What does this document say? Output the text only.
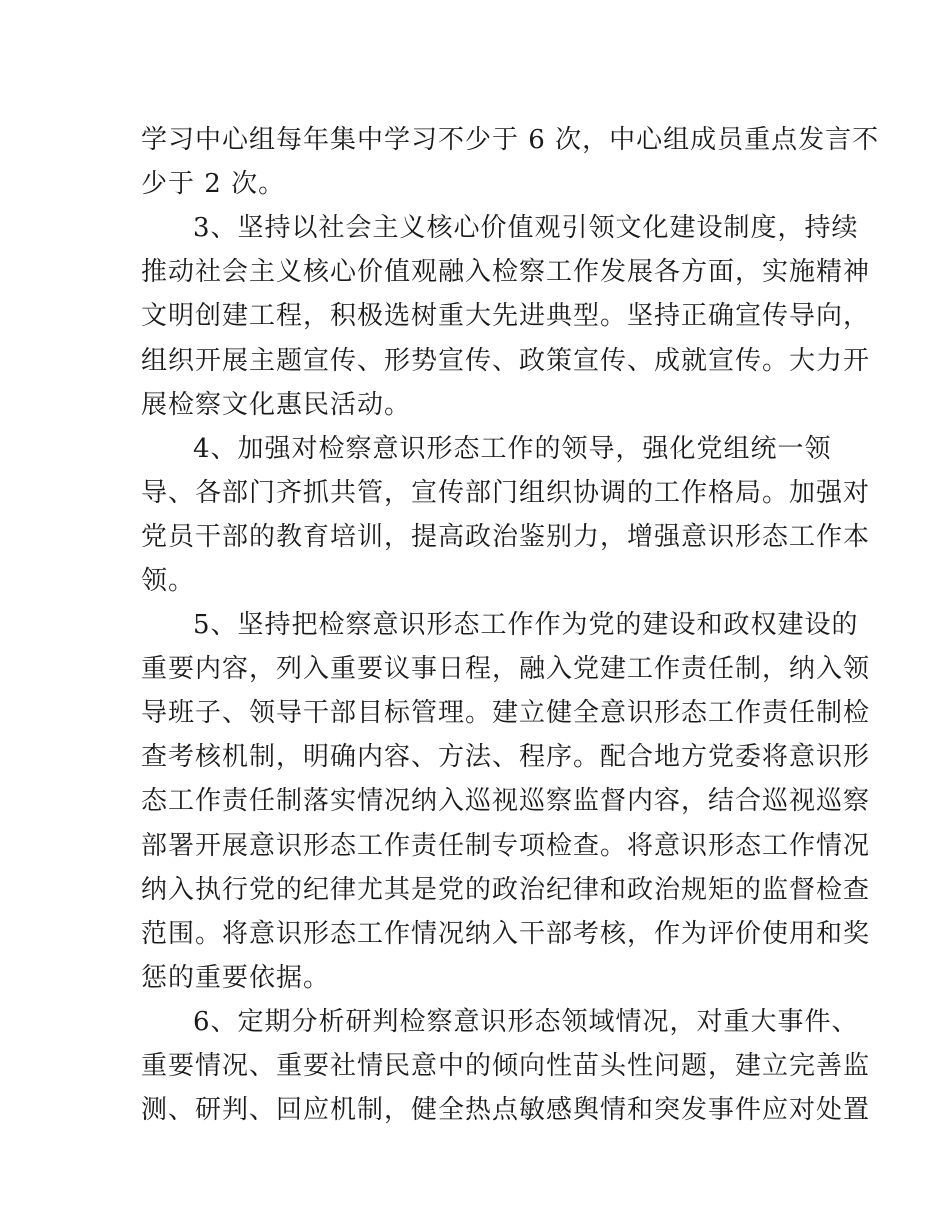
学习中心组每年集中学习不少于 6 次，中心组成员重点发言不
少于 2 次。
3、坚持以社会主义核心价值观引领文化建设制度，持续
推动社会主义核心价值观融入检察工作发展各方面，实施精神
文明创建工程，积极选树重大先进典型。坚持正确宣传导向，
组织开展主题宣传、形势宣传、政策宣传、成就宣传。大力开
展检察文化惠民活动。
4、加强对检察意识形态工作的领导，强化党组统一领
导、各部门齐抓共管，宣传部门组织协调的工作格局。加强对
党员干部的教育培训，提高政治鉴别力，增强意识形态工作本
领。
5、坚持把检察意识形态工作作为党的建设和政权建设的
重要内容，列入重要议事日程，融入党建工作责任制，纳入领
导班子、领导干部目标管理。建立健全意识形态工作责任制检
查考核机制，明确内容、方法、程序。配合地方党委将意识形
态工作责任制落实情况纳入巡视巡察监督内容，结合巡视巡察
部署开展意识形态工作责任制专项检查。将意识形态工作情况
纳入执行党的纪律尤其是党的政治纪律和政治规矩的监督检查
范围。将意识形态工作情况纳入干部考核，作为评价使用和奖
惩的重要依据。
6、定期分析研判检察意识形态领域情况，对重大事件、
重要情况、重要社情民意中的倾向性苗头性问题，建立完善监
测、研判、回应机制，健全热点敏感舆情和突发事件应对处置
